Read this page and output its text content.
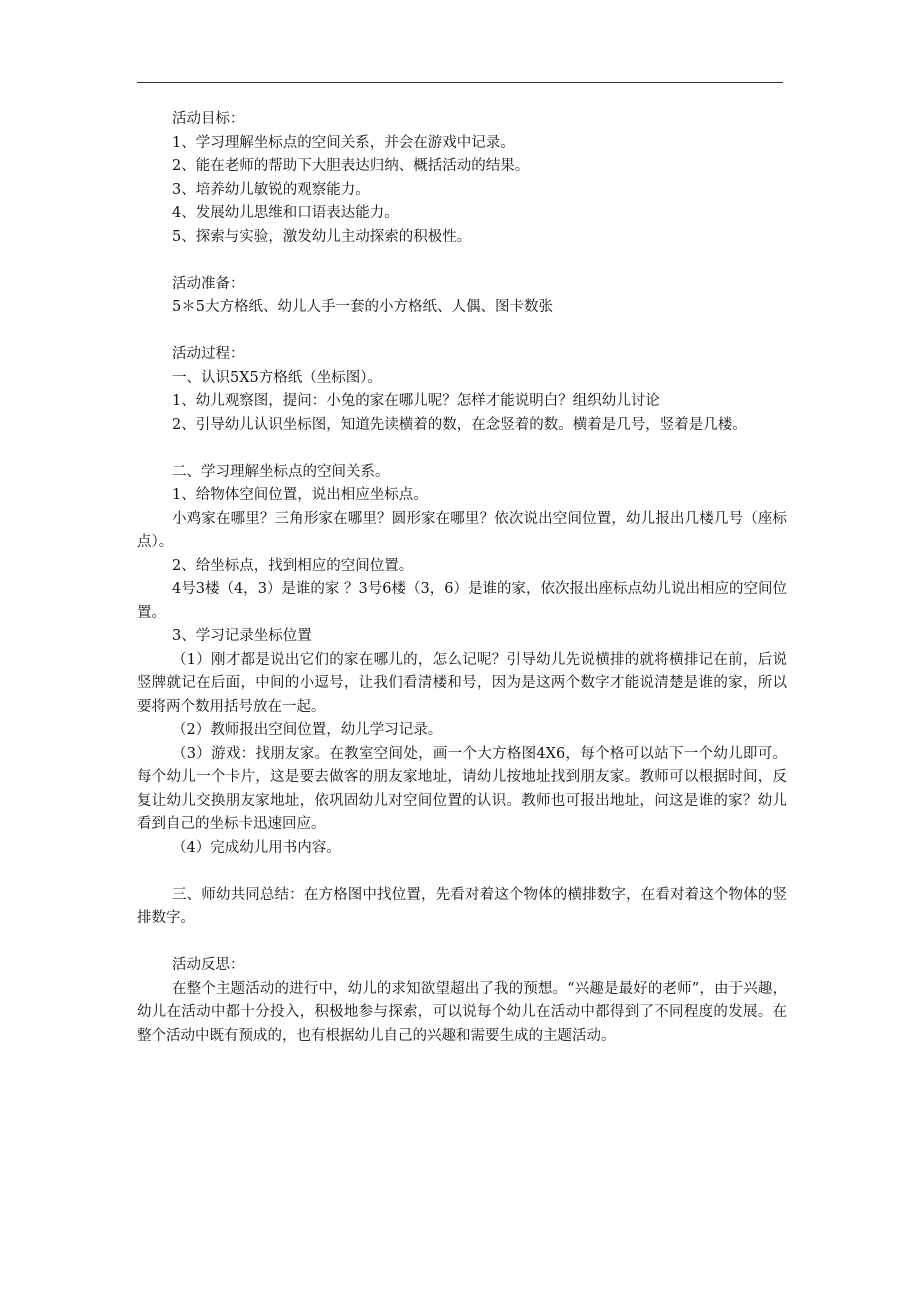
活动目标：
1、学习理解坐标点的空间关系，并会在游戏中记录。
2、能在老师的帮助下大胆表达归纳、概括活动的结果。
3、培养幼儿敏锐的观察能力。
4、发展幼儿思维和口语表达能力。
5、探索与实验，激发幼儿主动探索的积极性。
活动准备：
5＊5大方格纸、幼儿人手一套的小方格纸、人偶、图卡数张
活动过程：
一、认识5X5方格纸（坐标图）。
1、幼儿观察图，提问：小兔的家在哪儿呢？怎样才能说明白？组织幼儿讨论
2、引导幼儿认识坐标图，知道先读横着的数，在念竖着的数。横着是几号，竖着是几楼。
二、学习理解坐标点的空间关系。
1、给物体空间位置，说出相应坐标点。
小鸡家在哪里？三角形家在哪里？圆形家在哪里？依次说出空间位置，幼儿报出几楼几号（座标点）。
2、给坐标点，找到相应的空间位置。
4号3楼（4，3）是谁的家 ？3号6楼（3，6）是谁的家，依次报出座标点幼儿说出相应的空间位置。
3、学习记录坐标位置
（1）刚才都是说出它们的家在哪儿的，怎么记呢？引导幼儿先说横排的就将横排记在前，后说竖牌就记在后面，中间的小逗号，让我们看清楼和号，因为是这两个数字才能说清楚是谁的家，所以要将两个数用括号放在一起。
（2）教师报出空间位置，幼儿学习记录。
（3）游戏：找朋友家。在教室空间处，画一个大方格图4X6，每个格可以站下一个幼儿即可。每个幼儿一个卡片，这是要去做客的朋友家地址，请幼儿按地址找到朋友家。教师可以根据时间，反复让幼儿交换朋友家地址，依巩固幼儿对空间位置的认识。教师也可报出地址，问这是谁的家？幼儿看到自己的坐标卡迅速回应。
（4）完成幼儿用书内容。
三、师幼共同总结：在方格图中找位置，先看对着这个物体的横排数字，在看对着这个物体的竖排数字。
活动反思：
在整个主题活动的进行中，幼儿的求知欲望超出了我的预想。“兴趣是最好的老师”，由于兴趣，幼儿在活动中都十分投入，积极地参与探索，可以说每个幼儿在活动中都得到了不同程度的发展。在整个活动中既有预成的，也有根据幼儿自己的兴趣和需要生成的主题活动。
